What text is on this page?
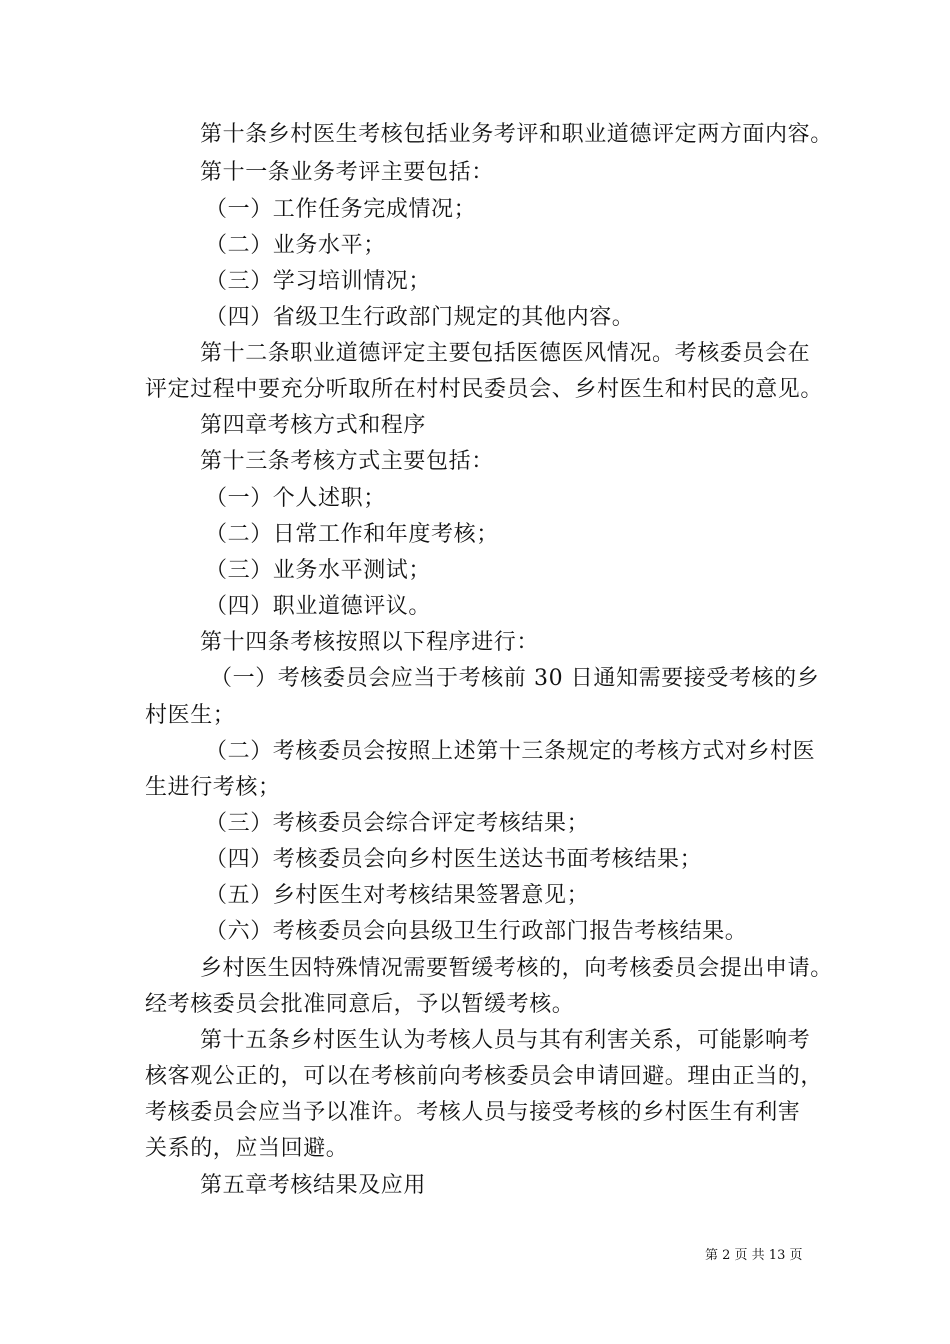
第十条乡村医生考核包括业务考评和职业道德评定两方面内容。
第十一条业务考评主要包括：
（一）工作任务完成情况；
（二）业务水平；
（三）学习培训情况；
（四）省级卫生行政部门规定的其他内容。
第十二条职业道德评定主要包括医德医风情况。考核委员会在
评定过程中要充分听取所在村村民委员会、乡村医生和村民的意见。
第四章考核方式和程序
第十三条考核方式主要包括：
（一）个人述职；
（二）日常工作和年度考核；
（三）业务水平测试；
（四）职业道德评议。
第十四条考核按照以下程序进行：
（一）考核委员会应当于考核前 30 日通知需要接受考核的乡
村医生；
（二）考核委员会按照上述第十三条规定的考核方式对乡村医
生进行考核；
（三）考核委员会综合评定考核结果；
（四）考核委员会向乡村医生送达书面考核结果；
（五）乡村医生对考核结果签署意见；
（六）考核委员会向县级卫生行政部门报告考核结果。
乡村医生因特殊情况需要暂缓考核的，向考核委员会提出申请。
经考核委员会批准同意后，予以暂缓考核。
第十五条乡村医生认为考核人员与其有利害关系，可能影响考
核客观公正的，可以在考核前向考核委员会申请回避。理由正当的，
考核委员会应当予以准许。考核人员与接受考核的乡村医生有利害
关系的，应当回避。
第五章考核结果及应用
第 2 页 共 13 页
